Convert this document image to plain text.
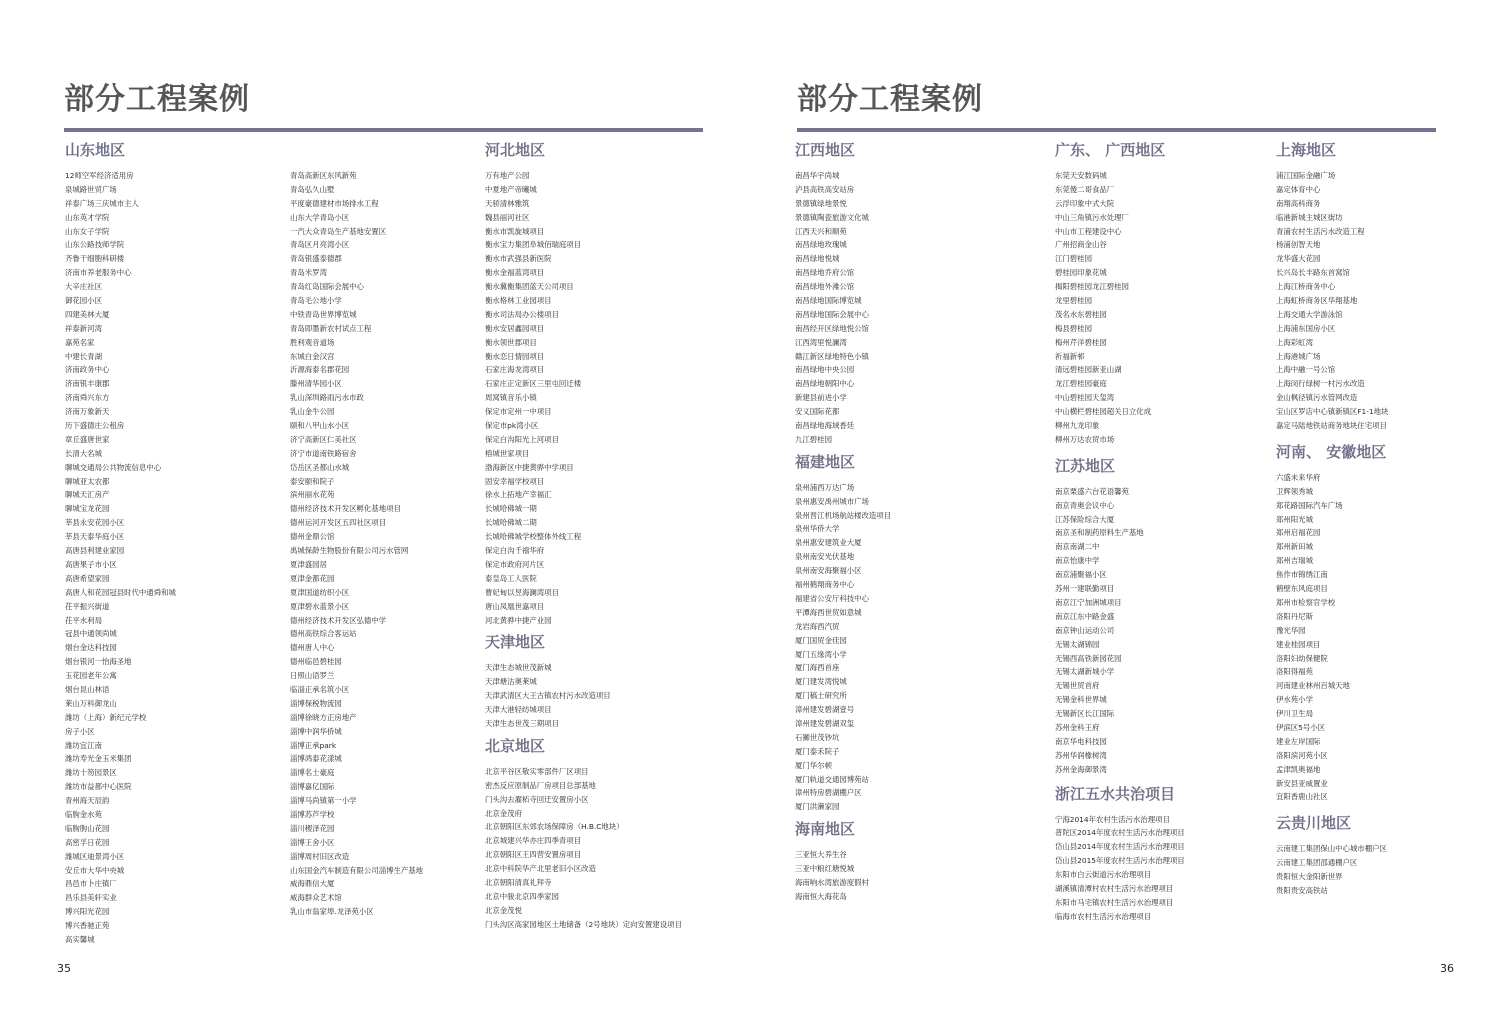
部分工程案例
山东地区
12师空军经济适用房
泉城路世贸广场
祥泰广场三庆城市主人
山东英才学院
山东女子学院
山东公路技师学院
齐鲁干细胞科研楼
济南市养老服务中心
大辛庄社区
御花园小区
四建美林大厦
祥泰新河湾
嘉苑名家
中建长青湖
济南政务中心
济南银丰康郡
济南舜兴东方
济南万象新天
历下盛德庄公租房
章丘盛唐世家
长清大名城
聊城交通局公共物流信息中心
聊城亚太农都
聊城天汇房产
聊城宝龙花园
莘县永安花园小区
莘县天泰华庭小区
高唐县利建业家园
高唐果子市小区
高唐希望家园
高唐人和花园冠县时代中通舜和城
茌平振兴街道
茌平水利局
冠县中通领尚城
烟台金达科技园
烟台银河一怡海圣地
玉花园老年公寓
烟台昆山林语
莱山万科御龙山
潍坊（上海）新纪元学校
房子小区
潍坊宜江南
潍坊寿光金玉米集团
潍坊十笏园景区
潍坊市益都中心医院
青州海天辰韵
临朐金水苑
临朐朐山花园
高密孚日花园
潍城区迪景湾小区
安丘市大华中央城
昌邑市卜庄镇厂
昌乐县美轩实业
博兴阳光花园
博兴香驰正苑
高实馨城
青岛高新区东风新苑
青岛弘久山墅
平度豪德建材市场排水工程
山东大学青岛小区
一汽大众青岛生产基地安置区
青岛区月亮湾小区
青岛银盛泰德郡
青岛米罗湾
青岛红岛国际会展中心
青岛毛公地小学
中铁青岛世界博览城
青岛即墨新农村试点工程
胜利观音道场
东城白金汉宫
沂源海泰名郡花园
滕州清华园小区
乳山深圳路雨污水市政
乳山金牛公园
颐和八甲山水小区
济宁高新区仁美社区
济宁市道南铁路宿舍
岱岳区圣都山水城
泰安颐和院子
滨州丽水花苑
德州经济技术开发区孵化基地项目
德州运河开发区五四社区项目
德州金鼎公馆
禹城保龄生物股份有限公司污水管网
夏津盛园居
夏津金都花园
夏津国道纺织小区
夏津碧水蓝景小区
德州经济技术开发区弘德中学
德州高铁综合客运站
德州唐人中心
德州临邑碧桂园
日照山语罗兰
临淄正承名筑小区
淄博保税物流园
淄博徐晓方正房地产
淄博中润华侨城
淄博正承park
淄博鸿泰花漾城
淄博名士豪庭
淄博嘉亿国际
淄博马尚镇第一小学
淄博苏芦学校
淄川稷泽花园
淄博王舍小区
淄博周村旧区改造
山东国金汽车制造有限公司淄博生产基地
威海鼎信大厦
威海群众艺术馆
乳山市翁家埠.龙泽苑小区
河北地区
万有地产公园
中夏地产帝曦城
天骄清林雅筑
魏县丽河社区
衡水市凯旋城项目
衡水宝力集团阜城佰瑞庭项目
衡水市武强县新医院
衡水金福蓝湾项目
衡水冀衡集团蓝天公司项目
衡水格林工业园项目
衡水司法局办公楼项目
衡水安居鑫园项目
衡水领世郡项目
衡水恋日情园项目
石家庄海龙湾项目
石家庄正定新区三里屯回迁楼
周窝镇音乐小镇
保定市定州一中项目
保定市pk湾小区
保定白沟阳光上河项目
榕城世家项目
渤海新区中捷黄骅中学项目
固安幸福学校项目
徐水上拓地产幸福汇
长城哈佛城一期
长城哈佛城二期
长城哈佛城学校整体外线工程
保定白沟千禧华府
保定市政府河片区
泰皇岛工人医院
曹妃甸以昱海澜湾项目
唐山凤凰世嘉项目
河北黄骅中捷产业园
天津地区
天津生态城世茂新城
天津塘沽奥莱城
天津武清区大王古镇农村污水改造项目
天津大港轻纺城项目
天津生态世茂三期项目
北京地区
北京平谷区敬实零部件厂区项目
密杰反应原制品厂房项目总部基地
门头沟去濯柘寺回迁安置房小区
北京金茂府
北京朝阳区东郊农场保障房（H.B.C地块）
北京城建兴华亦庄四季青项目
北京朝阳区王四营安置房项目
北京中科院华产北里老旧小区改造
北京朝阳清真礼拜寺
北京中骏北京四季家园
北京金茂悦
门头沟区高家园地区土地储备（2号地块）定向安置建设项目
35
部分工程案例
江西地区
南昌华宇尚城
泸县高铁高安站房
景德镇绿地景悦
景德镇陶瓷旅游文化城
江西天兴和顺苑
南昌绿地玫瑰城
南昌绿地悦城
南昌绿地乔府公馆
南昌绿地外滩公馆
南昌绿地国际博览城
南昌绿地国际会展中心
南昌经开区绿地悦公馆
江西湾里悦澜湾
赣江新区绿地特色小镇
南昌绿地中央公园
南昌绿地朝阳中心
新建县前进小学
安义国际花都
南昌绿地海域香廷
九江碧桂园
福建地区
泉州浦西万达广场
泉州惠安禹州城市广场
泉州晋江机场航站楼改造项目
泉州华侨大学
泉州惠安建筑业大厦
泉州南安光伏基地
泉州南安海聚福小区
福州鹤翔商务中心
福建省公安厅科技中心
平潭海西世贸如意城
龙岩海西汽贸
厦门国贸金佳园
厦门五缘湾小学
厦门海西首座
厦门建发湾悦城
厦门稿士研究所
漳州建发碧湖壹号
漳州建发碧湖双玺
石狮世茂钞坑
厦门泰禾院子
厦门华尔顿
厦门轨道交通园博苑站
漳州特房碧湖棚户区
厦门洪濑家园
海南地区
三亚恒大养生谷
三亚中粮红塘悦城
海南响水湾旅游度假村
海南恒大海花岛
广东、 广西地区
东莞天安数码城
东莞傻二哥食品厂
云浮印象中式大院
中山三角镇污水处理厂
中山市工程建设中心
广州招商金山谷
江门碧桂园
碧桂园印象花城
揭阳碧桂园龙江碧桂园
龙里碧桂园
茂名水东碧桂园
梅县碧桂园
梅州芹洋碧桂园
祈福新邨
清远碧桂园新亚山湖
龙江碧桂园豪庭
中山碧桂园天玺湾
中山横栏碧桂园超关日立化成
柳州九龙印象
柳州万达农贸市场
江苏地区
南京栗盛六台花语馨苑
南京青奥会议中心
江苏保险综合大厦
南京圣和制药原料生产基地
南京南湖二中
南京怡康中学
南京浦聚福小区
苏州一建联勤项目
南京江宁加洲城项目
南京江东中路金盛
南京钟山运动公司
无锡太湖锦园
无锡西高铁新园花园
无锡太湖新城小学
无锡世贸首府
无锡金科世界城
无锡新区长江国际
苏州金科王府
南京华电科技园
苏州华润橡树湾
苏州金海御景湾
浙江五水共治项目
宁海2014年农村生活污水治理项目
普陀区2014年度农村生活污水治理项目
岱山县2014年度农村生活污水治理项目
岱山县2015年度农村生活污水治理项目
东阳市白云街道污水治理项目
湖溪镇清潭村农村生活污水治理项目
东阳市马宅镇农村生活污水治理项目
临海市农村生活污水治理项目
上海地区
浦江国际金融广场
嘉定体育中心
南翔高科商务
临港新城主城区街坊
青浦农村生活污水改造工程
杨浦创智天地
龙华盛大花园
长兴岛长丰路东首窝馆
上海江桥商务中心
上海虹桥商务区华翔基地
上海交通大学游泳馆
上海浦东国房小区
上海彩虹湾
上海港城广场
上海中融一号公馆
上海闵行绿树一村污水改造
金山枫径镇污水管网改造
宝山区罗店中心镇新镇区F1-1地块
嘉定马陆地铁站商务地块住宅项目
河南、 安徽地区
六盛未来华府
卫辉领秀城
郑花路国际汽车广场
郑州阳光城
郑州启福花园
郑州新田城
郑州吉瑞城
焦作市锦绣江南
鹤壁东风庭项目
郑州市检察官学校
洛阳丹尼斯
豫光华园
建业桂园项目
洛阳妇幼保健院
洛阳得福苑
河南建业林州百城天地
伊水苑小学
伊川卫生局
伊滨区5号小区
建业左岸国际
洛阳滨河苑小区
孟津凯奥福地
新安县亚威置业
宜阳香鹿山社区
云贵川地区
云南建工集团保山中心城市棚户区
云南建工集团邵通棚户区
贵阳恒大金阳新世界
贵阳贵安高铁站
36
